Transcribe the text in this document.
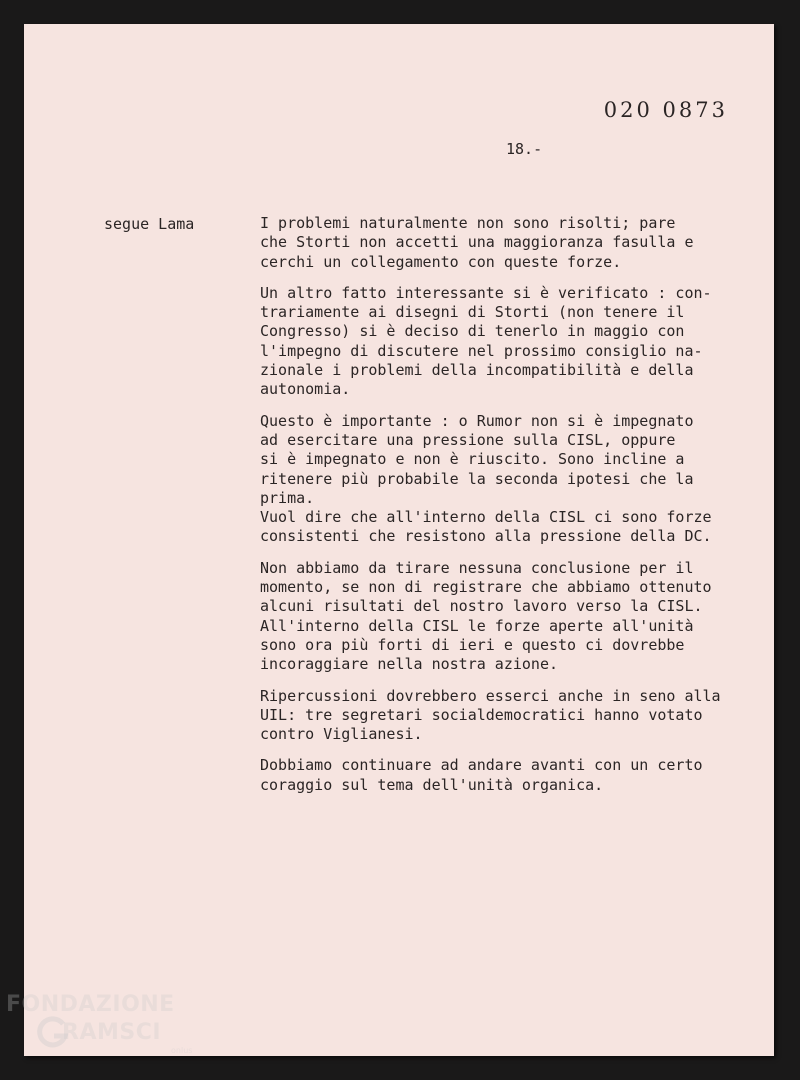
020 0873
18.-
segue Lama	I problemi naturalmente non sono risolti; pare
che Storti non accetti una maggioranza fasulla e
cerchi un collegamento con queste forze.

Un altro fatto interessante si è verificato : con-
trariamente ai disegni di Storti (non tenere il
Congresso) si è deciso di tenerlo in maggio con
l'impegno di discutere nel prossimo consiglio na-
zionale i problemi della incompatibilità e della
autonomia.

Questo è importante : o Rumor non si è impegnato
ad esercitare una pressione sulla CISL, oppure
si è impegnato e non è riuscito. Sono incline a
ritenere più probabile la seconda ipotesi che la
prima.
Vuol dire che all'interno della CISL ci sono forze
consistenti che resistono alla pressione della DC.

Non abbiamo da tirare nessuna conclusione per il
momento, se non di registrare che abbiamo ottenuto
alcuni risultati del nostro lavoro verso la CISL.
All'interno della CISL le forze aperte all'unità
sono ora più forti di ieri e questo ci dovrebbe
incoraggiare nella nostra azione.

Ripercussioni dovrebbero esserci anche in seno alla
UIL: tre segretari socialdemocratici hanno votato
contro Viglianesi.

Dobbiamo continuare ad andare avanti con un certo
coraggio sul tema dell'unità organica.

FONDAZIONE
RAMSCI
onlus
